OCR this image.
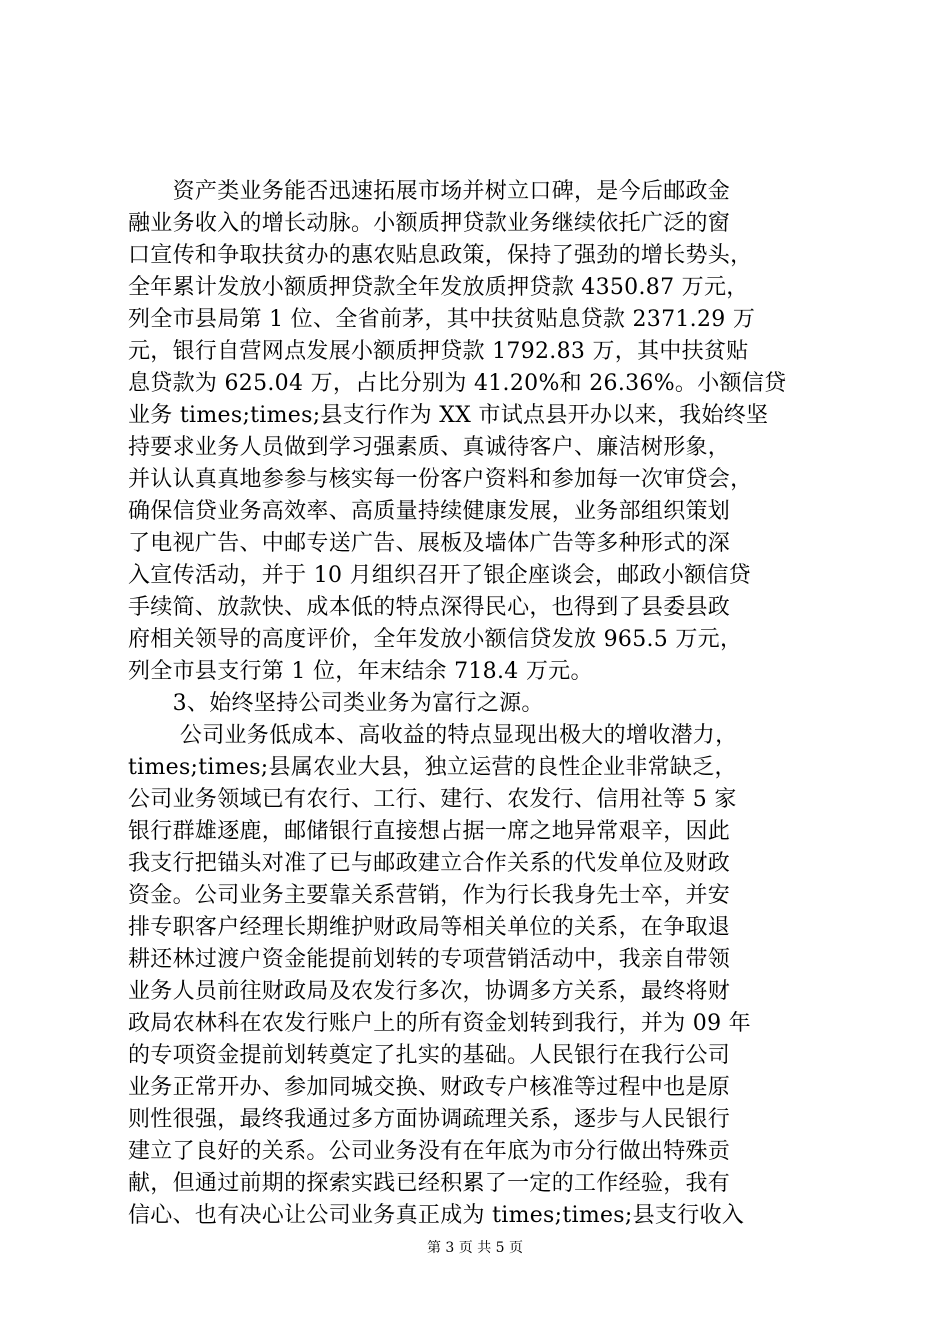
　　资产类业务能否迅速拓展市场并树立口碑，是今后邮政金
融业务收入的增长动脉。小额质押贷款业务继续依托广泛的窗
口宣传和争取扶贫办的惠农贴息政策，保持了强劲的增长势头，
全年累计发放小额质押贷款全年发放质押贷款 4350.87 万元，
列全市县局第 1 位、全省前茅，其中扶贫贴息贷款 2371.29 万
元，银行自营网点发展小额质押贷款 1792.83 万，其中扶贫贴
息贷款为 625.04 万，占比分别为 41.20%和 26.36%。小额信贷
业务 times;times;县支行作为 XX 市试点县开办以来，我始终坚
持要求业务人员做到学习强素质、真诚待客户、廉洁树形象，
并认认真真地参参与核实每一份客户资料和参加每一次审贷会，
确保信贷业务高效率、高质量持续健康发展，业务部组织策划
了电视广告、中邮专送广告、展板及墙体广告等多种形式的深
入宣传活动，并于 10 月组织召开了银企座谈会，邮政小额信贷
手续简、放款快、成本低的特点深得民心，也得到了县委县政
府相关领导的高度评价，全年发放小额信贷发放 965.5 万元，
列全市县支行第 1 位，年末结余 718.4 万元。
　　3、始终坚持公司类业务为富行之源。
　　 公司业务低成本、高收益的特点显现出极大的增收潜力，
times;times;县属农业大县，独立运营的良性企业非常缺乏，
公司业务领域已有农行、工行、建行、农发行、信用社等 5 家
银行群雄逐鹿，邮储银行直接想占据一席之地异常艰辛，因此
我支行把锚头对准了已与邮政建立合作关系的代发单位及财政
资金。公司业务主要靠关系营销，作为行长我身先士卒，并安
排专职客户经理长期维护财政局等相关单位的关系，在争取退
耕还林过渡户资金能提前划转的专项营销活动中，我亲自带领
业务人员前往财政局及农发行多次，协调多方关系，最终将财
政局农林科在农发行账户上的所有资金划转到我行，并为 09 年
的专项资金提前划转奠定了扎实的基础。人民银行在我行公司
业务正常开办、参加同城交换、财政专户核准等过程中也是原
则性很强，最终我通过多方面协调疏理关系，逐步与人民银行
建立了良好的关系。公司业务没有在年底为市分行做出特殊贡
献，但通过前期的探索实践已经积累了一定的工作经验，我有
信心、也有决心让公司业务真正成为 times;times;县支行收入
第 3 页 共 5 页
